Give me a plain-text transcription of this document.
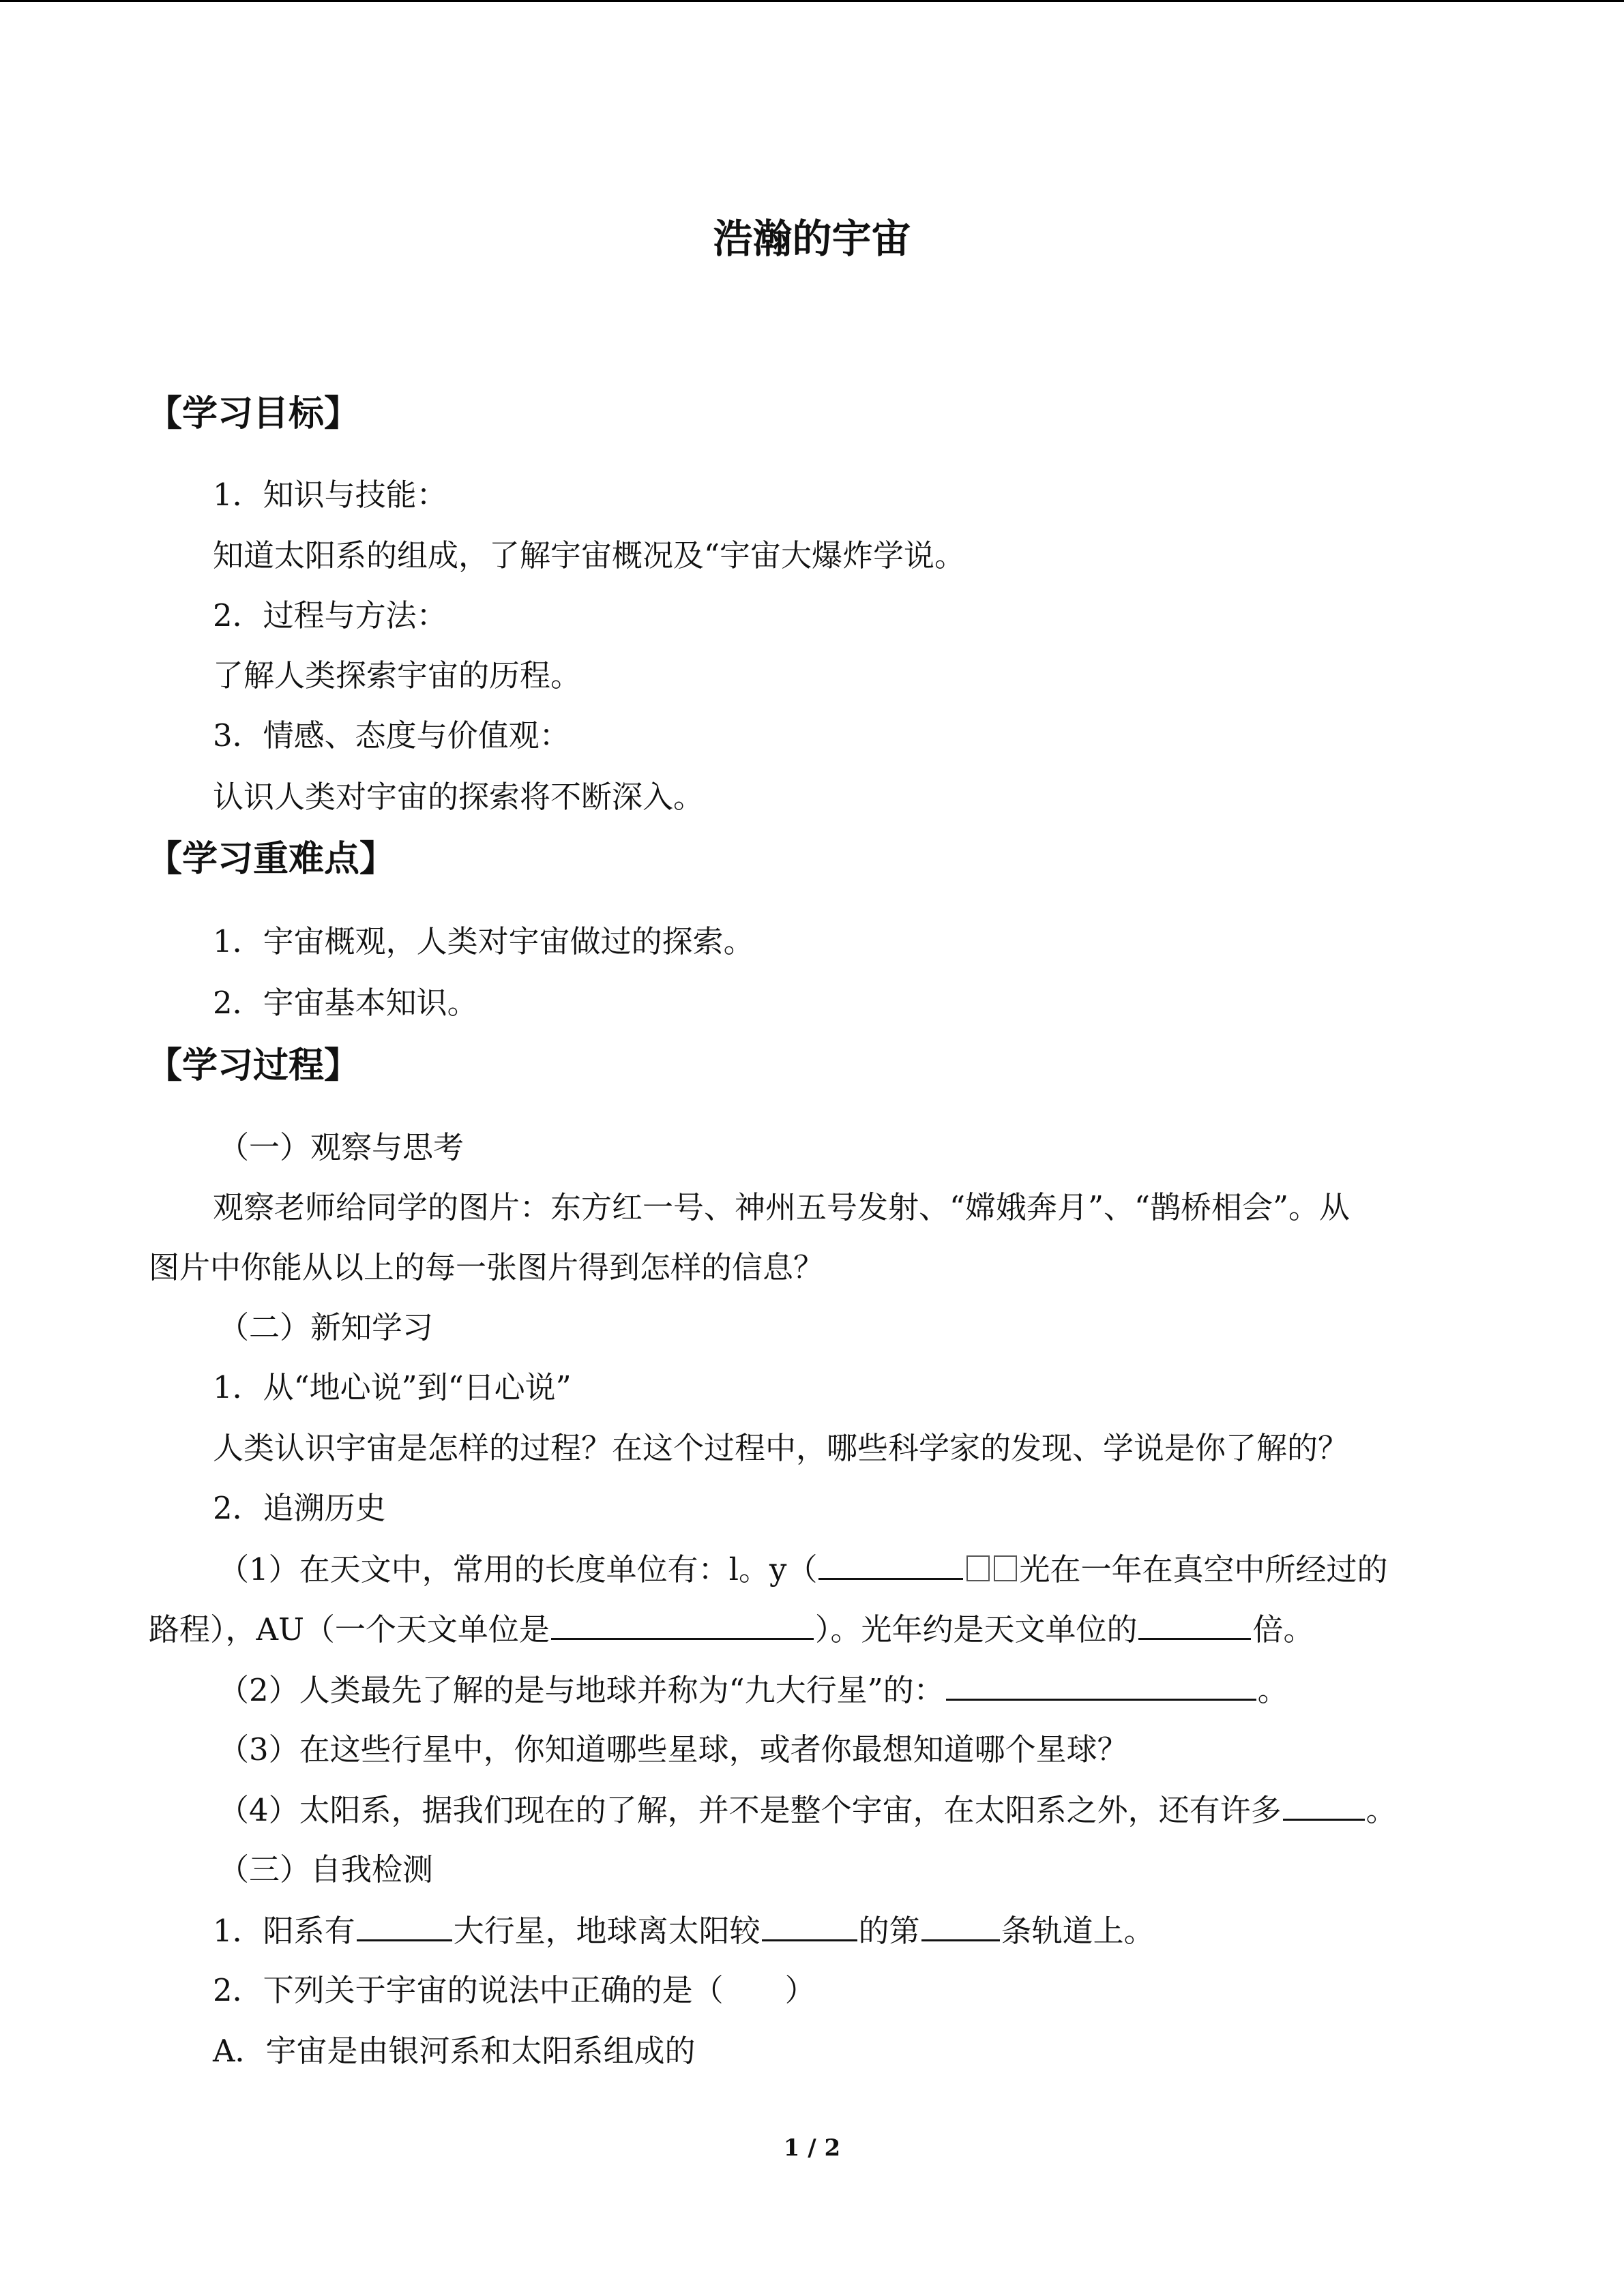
浩瀚的宇宙
【学习目标】
1．知识与技能：
知道太阳系的组成，了解宇宙概况及“宇宙大爆炸学说。
2．过程与方法：
了解人类探索宇宙的历程。
3．情感、态度与价值观：
认识人类对宇宙的探索将不断深入。
【学习重难点】
1．宇宙概观，人类对宇宙做过的探索。
2．宇宙基本知识。
【学习过程】
（一）观察与思考
观察老师给同学的图片：东方红一号、神州五号发射、“嫦娥奔月”、“鹊桥相会”。从
图片中你能从以上的每一张图片得到怎样的信息？
（二）新知学习
1．从“地心说”到“日心说”
人类认识宇宙是怎样的过程？在这个过程中，哪些科学家的发现、学说是你了解的？
2．追溯历史
（1）在天文中，常用的长度单位有：l。y（	光在一年在真空中所经过的
路程），AU（一个天文单位是	）。光年约是天文单位的	倍。
（2）人类最先了解的是与地球并称为“九大行星”的：	。
（3）在这些行星中，你知道哪些星球，或者你最想知道哪个星球？
（4）太阳系，据我们现在的了解，并不是整个宇宙，在太阳系之外，还有许多	。
（三）自我检测
1．阳系有	大行星，地球离太阳较	的第	条轨道上。
2．下列关于宇宙的说法中正确的是（　　）
A．宇宙是由银河系和太阳系组成的
1 / 2
